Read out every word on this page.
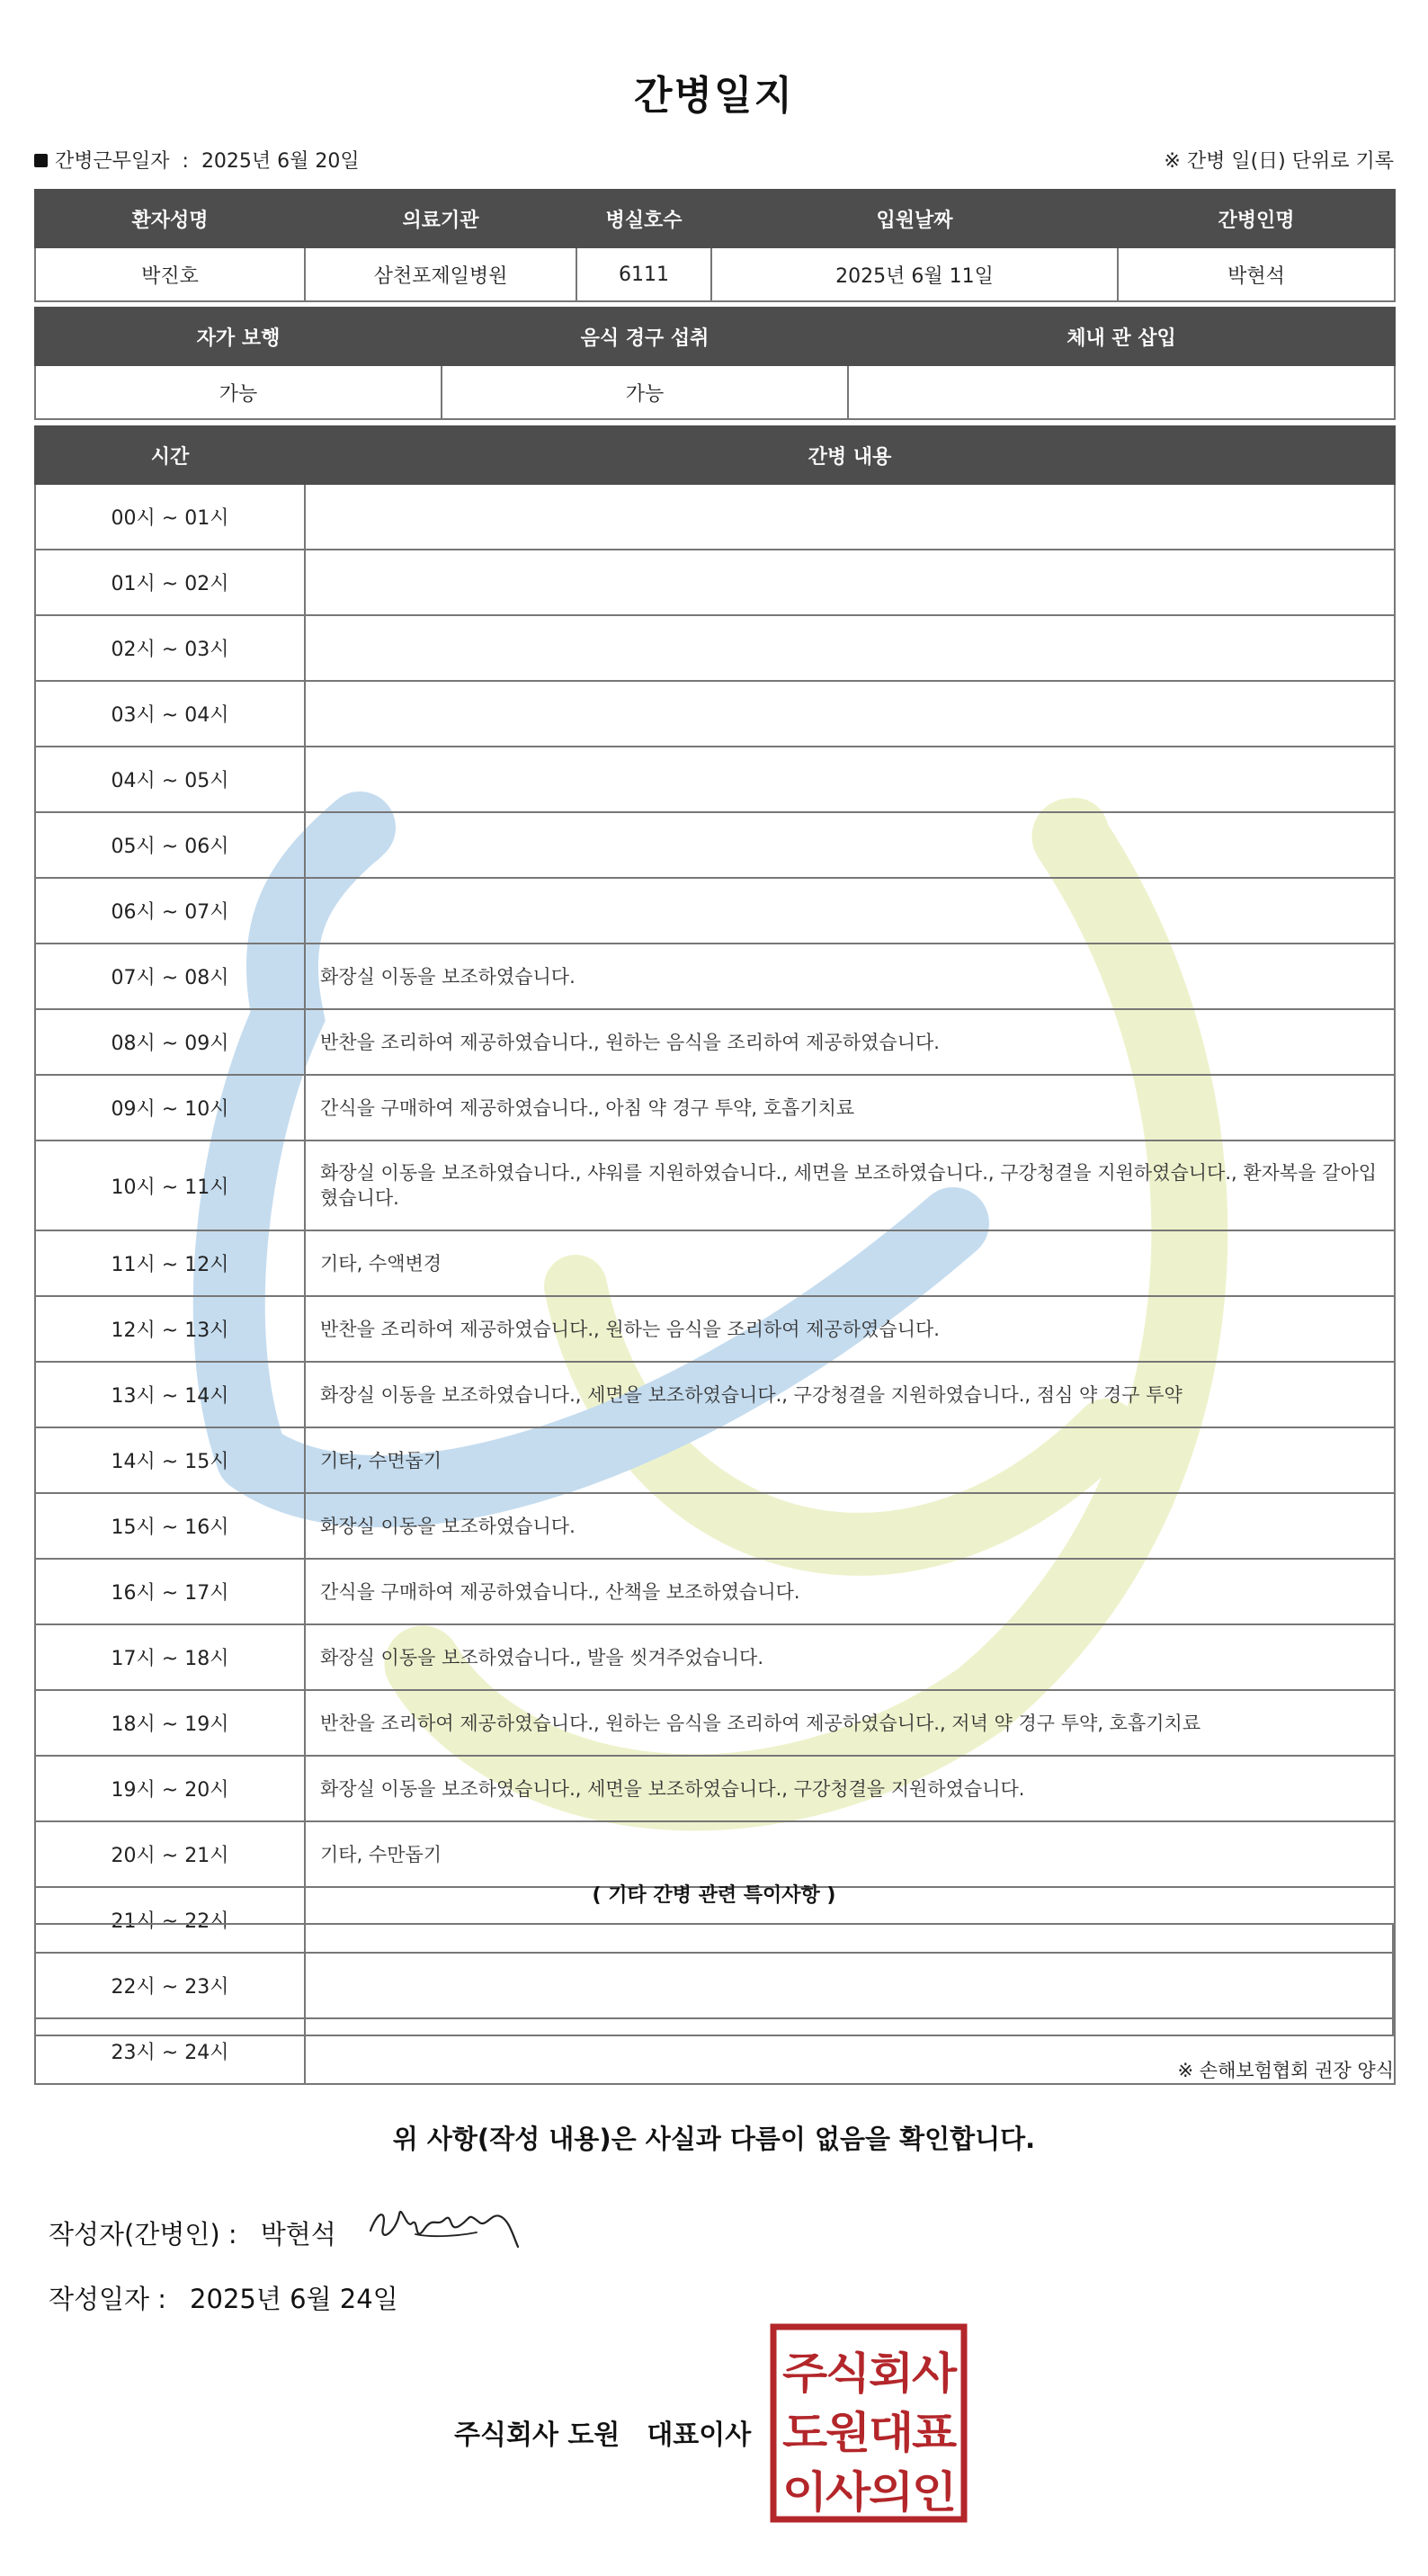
간병일지
간병근무일자 : 2025년 6월 20일	※ 간병 일(日) 단위로 기록
환자성명	의료기관	병실호수	입원날짜	간병인명
박진호	삼천포제일병원	6111	2025년 6월 11일	박현석
자가 보행	음식 경구 섭취	체내 관 삽입
가능	가능	
시간	간병 내용
00시 ~ 01시	
01시 ~ 02시	
02시 ~ 03시	
03시 ~ 04시	
04시 ~ 05시	
05시 ~ 06시	
06시 ~ 07시	
07시 ~ 08시	화장실 이동을 보조하였습니다.
08시 ~ 09시	반찬을 조리하여 제공하였습니다., 원하는 음식을 조리하여 제공하였습니다.
09시 ~ 10시	간식을 구매하여 제공하였습니다., 아침 약 경구 투약, 호흡기치료
10시 ~ 11시	화장실 이동을 보조하였습니다., 샤워를 지원하였습니다., 세면을 보조하였습니다., 구강청결을 지원하였습니다., 환자복을 갈아입혔습니다.
11시 ~ 12시	기타, 수액변경
12시 ~ 13시	반찬을 조리하여 제공하였습니다., 원하는 음식을 조리하여 제공하였습니다.
13시 ~ 14시	화장실 이동을 보조하였습니다., 세면을 보조하였습니다., 구강청결을 지원하였습니다., 점심 약 경구 투약
14시 ~ 15시	기타, 수면돕기
15시 ~ 16시	화장실 이동을 보조하였습니다.
16시 ~ 17시	간식을 구매하여 제공하였습니다., 산책을 보조하였습니다.
17시 ~ 18시	화장실 이동을 보조하였습니다., 발을 씻겨주었습니다.
18시 ~ 19시	반찬을 조리하여 제공하였습니다., 원하는 음식을 조리하여 제공하였습니다., 저녁 약 경구 투약, 호흡기치료
19시 ~ 20시	화장실 이동을 보조하였습니다., 세면을 보조하였습니다., 구강청결을 지원하였습니다.
20시 ~ 21시	기타, 수만돕기
21시 ~ 22시	
22시 ~ 23시	
23시 ~ 24시	
( 기타 간병 관련 특이사항 )
※ 손해보험협회 권장 양식
위 사항(작성 내용)은 사실과 다름이 없음을 확인합니다.
작성자(간병인) : 박현석
작성일자 : 2025년 6월 24일
주식회사 도원 대표이사
주식회사
도원대표
이사의인
